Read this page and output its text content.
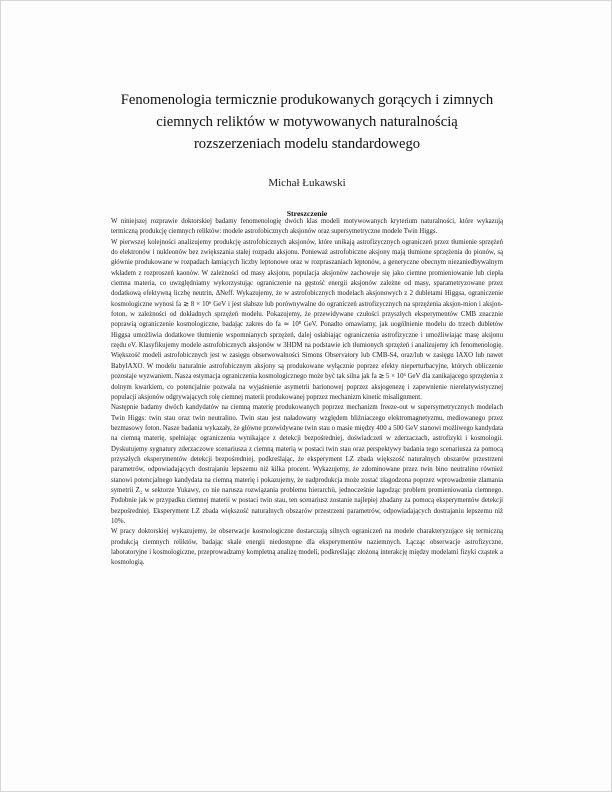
Fenomenologia termicznie produkowanych gorących i zimnych
ciemnych reliktów w motywowanych naturalnością
rozszerzeniach modelu standardowego
Michał Łukawski
Streszczenie

W niniejszej rozprawie doktorskiej badamy fenomenologię dwóch klas modeli motywowanych kryterium naturalności, które wykazują termiczną produkcję ciemnych reliktów: modele astrofobicznych aksjonów oraz supersymetryczne modele Twin Higgs.

W pierwszej kolejności analizujemy produkcję astrofobicznych aksjonów, które unikają astrofizycznych ograniczeń przez tłumienie sprzężeń do elektronów i nukleonów bez zwiększania stałej rozpadu aksjonu. Ponieważ astrofobiczne aksjony mają tłumione sprzężenia do pionów, są głównie produkowane w rozpadach łamiących liczby leptonowe oraz w rozpraszaniach leptonów, a generyczne obecnym niezaniedbywalnym wkładem z rozproszeń kaonów. W zależności od masy aksjonu, populacja aksjonów zachowuje się jako ciemne promieniowanie lub ciepła ciemna materia, co uwzględniamy wykorzystując ograniczenie na gęstość energii aksjonów zależne od masy, sparametryzowane przez dodatkową efektywną liczbę neutrin, ΔNeff. Wykazujemy, że w astrofobicznych modelach aksjonowych z 2 dubletami Higgsa, ograniczenie kosmologiczne wynosi fa ≳ 8 × 10⁶ GeV i jest słabsze lub porównywalne do ograniczeń astrofizycznych na sprzężenia aksjon-mion i aksjon-foton, w zależności od dokładnych sprzężeń modelu. Pokazujemy, że przewidywane czułości przyszłych eksperymentów CMB znacznie poprawią ograniczenie kosmologiczne, badając zakres do fa ≃ 10⁸ GeV. Ponadto omawiamy, jak uogólnienie modelu do trzech dubletów Higgsa umożliwia dodatkowe tłumienie wspomnianych sprzężeń, dalej osłabiając ograniczenia astrofizyczne i umożliwiając masę aksjonu rzędu eV. Klasyfikujemy modele astrofobicznych aksjonów w 3HDM na podstawie ich tłumionych sprzężeń i analizujemy ich fenomenologię. Większość modeli astrofobicznych jest w zasięgu obserwowalności Simons Observatory lub CMB-S4, oraz/lub w zasięgu IAXO lub nawet BabyIAXO. W modelu naturalnie astrofobicznym aksjony są produkowane wyłącznie poprzez efekty nieperturbacyjne, których obliczenie pozostaje wyzwaniem. Nasza estymacja ograniczenia kosmologicznego może być tak silna jak fa ≳ 5 × 10⁶ GeV dla zanikającego sprzężenia z dolnym kwarkiem, co potencjalnie pozwala na wyjaśnienie asymetrii barionowej poprzez aksjogenezę i zapewnienie nierelatywistycznej populacji aksjonów odgrywających rolę ciemnej materii produkowanej poprzez mechanizm kinetic misalignment.

Następnie badamy dwóch kandydatów na ciemną materię produkowanych poprzez mechanizm freeze-out w supersymetrycznych modelach Twin Higgs: twin stau oraz twin neutralino. Twin stau jest naładowany względem bliźniaczego elektromagnetyzmu, mediowanego przez bezmasowy foton. Nasze badania wykazały, że główne przewidywane twin stau o masie między 400 a 500 GeV stanowi możliwego kandydata na ciemną materię, spełniając ograniczenia wynikające z detekcji bezpośredniej, doświadczeń w zderzaczach, astrofizyki i kosmologii. Dyskutujemy sygnatury zderzaczowe scenariusza z ciemną materią w postaci twin stau oraz perspektywy badania tego scenariusza za pomocą przyszłych eksperymentów detekcji bezpośredniej, podkreślając, że eksperyment LZ zbada większość naturalnych obszarów przestrzeni parametrów, odpowiadających dostrajaniu lepszemu niż kilka procent. Wykazujemy, że zdominowane przez twin bino neutralino również stanowi potencjalnego kandydata na ciemną materię i pokazujemy, że nadprodukcja może zostać złagodzona poprzez wprowadzenie złamania symetrii Z₂ w sektorze Yukawy, co nie narusza rozwiązania problemu hierarchii, jednocześnie łagodząc problem promieniowania ciemnego. Podobnie jak w przypadku ciemnej materii w postaci twin stau, ten scenariusz zostanie najlepiej zbadany za pomocą eksperymentów detekcji bezpośredniej. Eksperyment LZ zbada większość naturalnych obszarów przestrzeni parametrów, odpowiadających dostrajaniu lepszemu niż 10%.

W pracy doktorskiej wykazujemy, że obserwacje kosmologiczne dostarczają silnych ograniczeń na modele charakteryzujące się termiczną produkcją ciemnych reliktów, badając skale energii niedostępne dla eksperymentów naziemnych. Łącząc obserwacje astrofizyczne, laboratoryjne i kosmologiczne, przeprowadzamy kompletną analizę modeli, podkreślając złożoną interakcję między modelami fizyki cząstek a kosmologią.
